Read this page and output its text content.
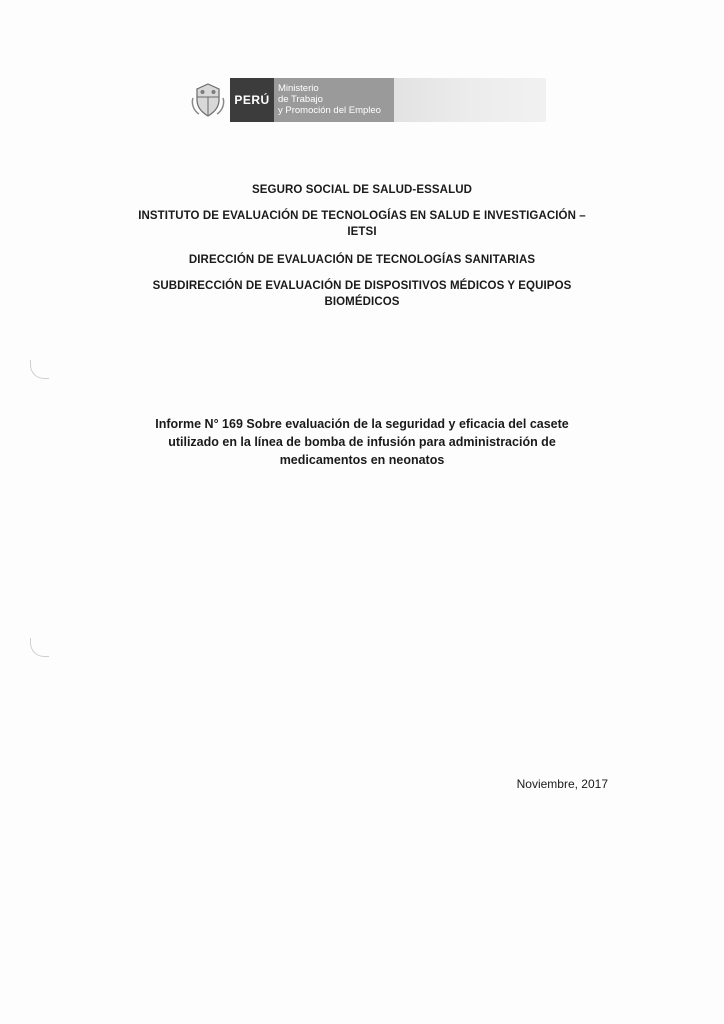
PERÚ
Ministerio
de Trabajo
y Promoción del Empleo
SEGURO SOCIAL DE SALUD-ESSALUD
INSTITUTO DE EVALUACIÓN DE TECNOLOGÍAS EN SALUD E INVESTIGACIÓN –
IETSI
DIRECCIÓN DE EVALUACIÓN DE TECNOLOGÍAS SANITARIAS
SUBDIRECCIÓN DE EVALUACIÓN DE DISPOSITIVOS MÉDICOS Y EQUIPOS
BIOMÉDICOS
Informe N° 169 Sobre evaluación de la seguridad y eficacia del casete
utilizado en la línea de bomba de infusión para administración de
medicamentos en neonatos
Noviembre, 2017
